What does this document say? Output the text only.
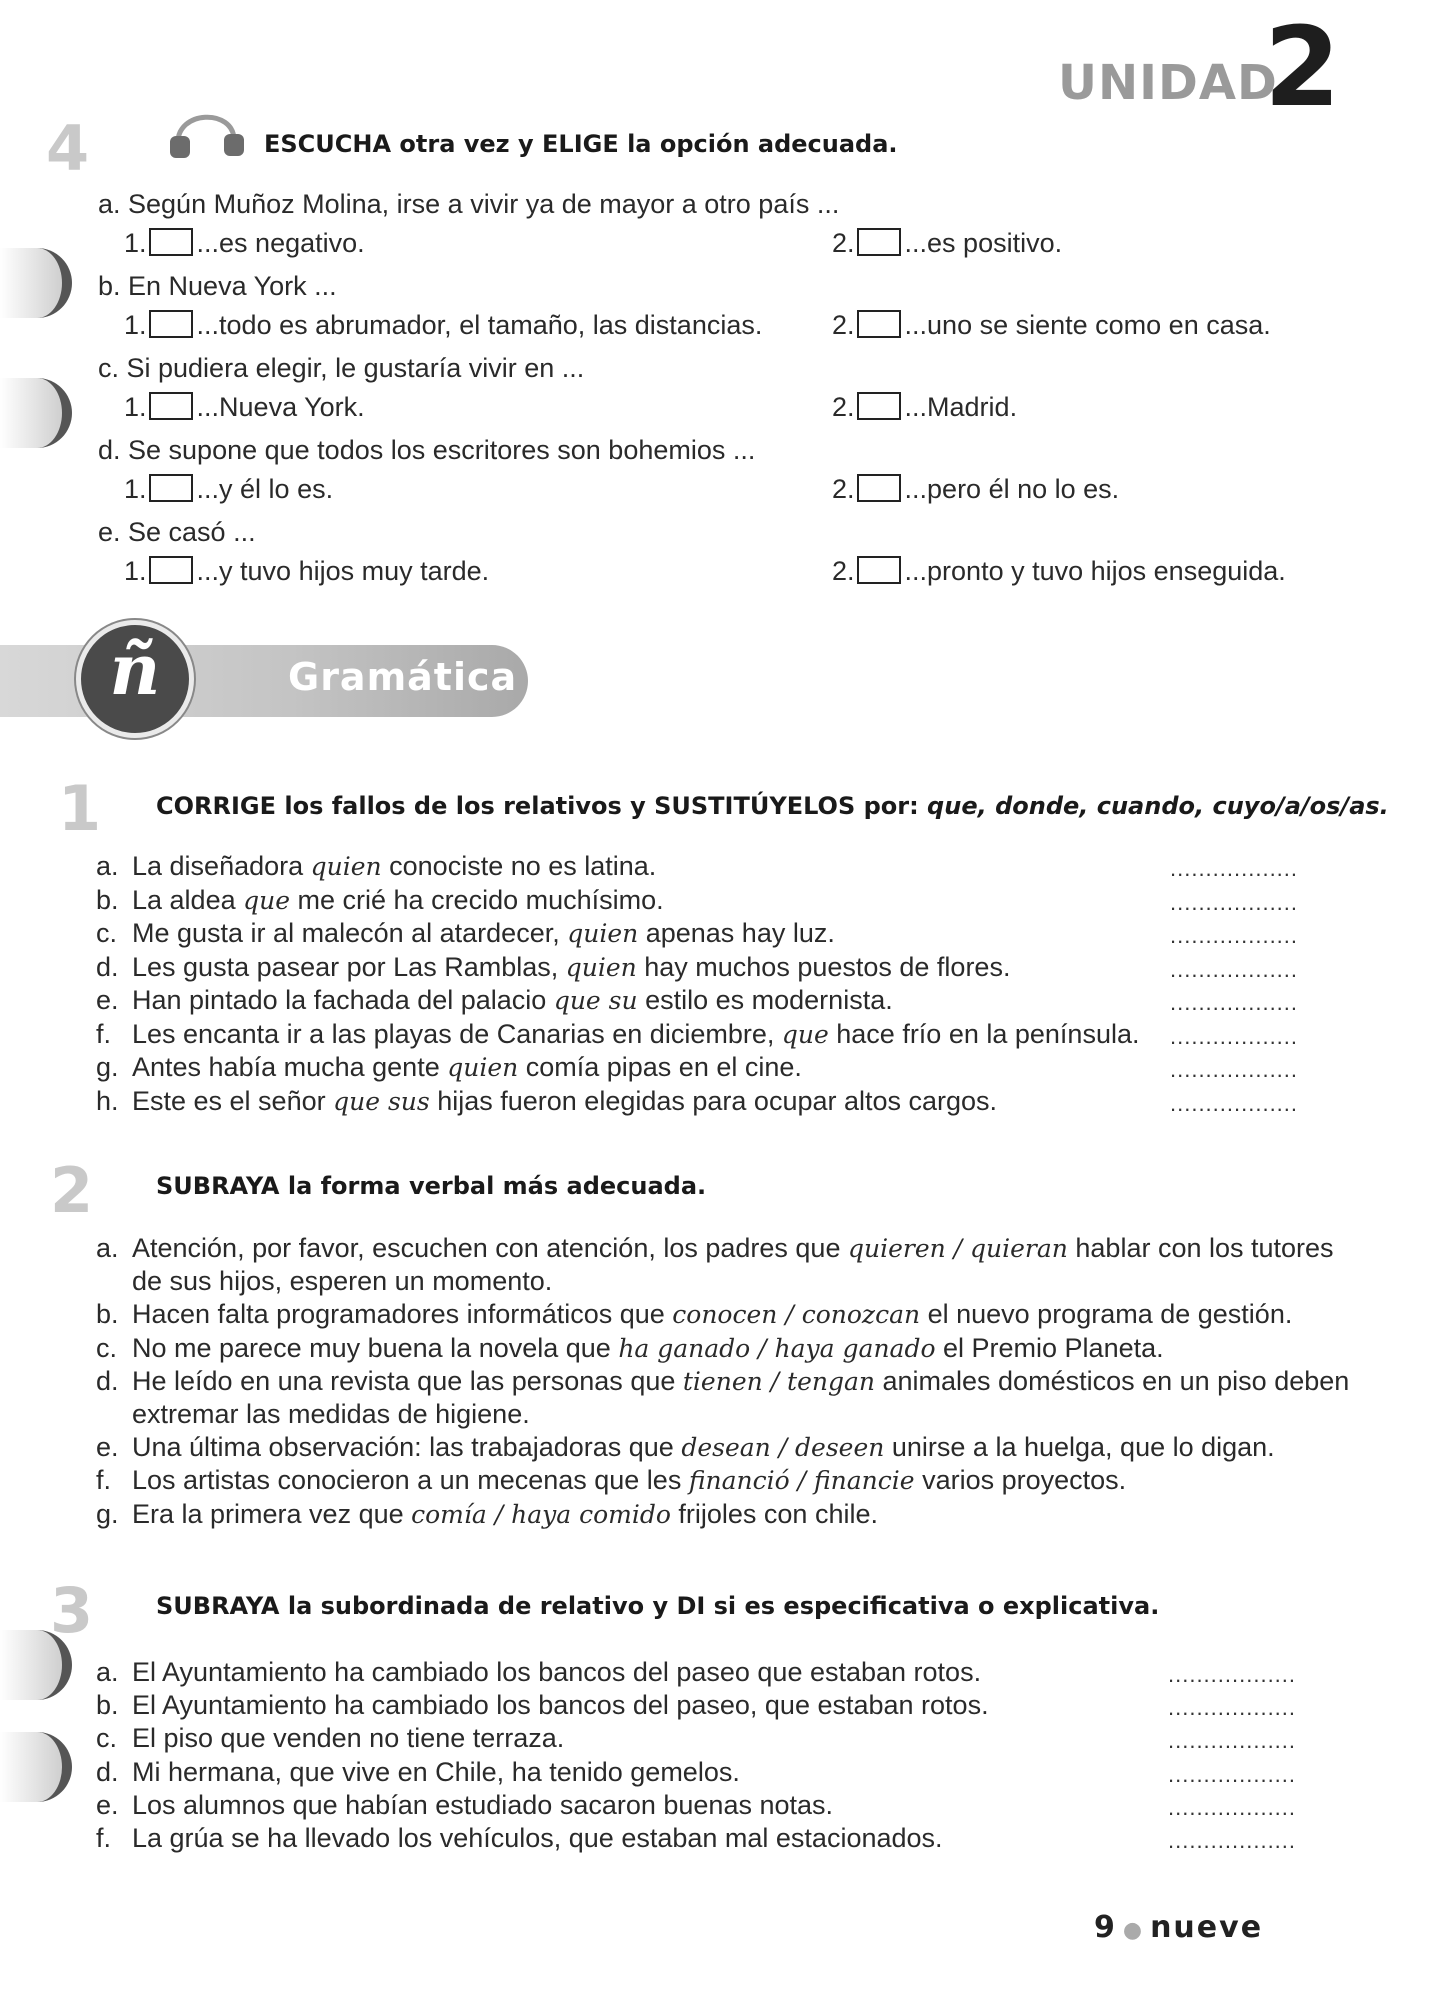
UNIDAD
2
4	ESCUCHA otra vez y ELIGE la opción adecuada.
a. Según Muñoz Molina, irse a vivir ya de mayor a otro país ...
1. ...es negativo.	2. ...es positivo.
b. En Nueva York ...
1. ...todo es abrumador, el tamaño, las distancias.	2. ...uno se siente como en casa.
c. Si pudiera elegir, le gustaría vivir en ...
1. ...Nueva York.	2. ...Madrid.
d. Se supone que todos los escritores son bohemios ...
1. ...y él lo es.	2. ...pero él no lo es.
e. Se casó ...
1. ...y tuvo hijos muy tarde.	2. ...pronto y tuvo hijos enseguida.
ñ	Gramática
1 CORRIGE los fallos de los relativos y SUSTITÚYELOS por: que, donde, cuando, cuyo/a/os/as.
a. La diseñadora quien conociste no es latina.	..................
b. La aldea que me crié ha crecido muchísimo.	..................
c. Me gusta ir al malecón al atardecer, quien apenas hay luz.	..................
d. Les gusta pasear por Las Ramblas, quien hay muchos puestos de flores.	..................
e. Han pintado la fachada del palacio que su estilo es modernista.	..................
f. Les encanta ir a las playas de Canarias en diciembre, que hace frío en la península. ..................
g. Antes había mucha gente quien comía pipas en el cine.	..................
h. Este es el señor que sus hijas fueron elegidas para ocupar altos cargos.	..................
2	SUBRAYA la forma verbal más adecuada.
a. Atención, por favor, escuchen con atención, los padres que quieren / quieran hablar con los tutores
de sus hijos, esperen un momento.
b. Hacen falta programadores informáticos que conocen / conozcan el nuevo programa de gestión.
c. No me parece muy buena la novela que ha ganado / haya ganado el Premio Planeta.
d. He leído en una revista que las personas que tienen / tengan animales domésticos en un piso deben
extremar las medidas de higiene.
e. Una última observación: las trabajadoras que desean / deseen unirse a la huelga, que lo digan.
f. Los artistas conocieron a un mecenas que les financió / financie varios proyectos.
g. Era la primera vez que comía / haya comido frijoles con chile.
3	SUBRAYA la subordinada de relativo y DI si es especificativa o explicativa.
a. El Ayuntamiento ha cambiado los bancos del paseo que estaban rotos.	..................
b. El Ayuntamiento ha cambiado los bancos del paseo, que estaban rotos.	..................
c. El piso que venden no tiene terraza.	..................
d. Mi hermana, que vive en Chile, ha tenido gemelos.	..................
e. Los alumnos que habían estudiado sacaron buenas notas.	..................
f. La grúa se ha llevado los vehículos, que estaban mal estacionados.	..................
9 ● nueve
